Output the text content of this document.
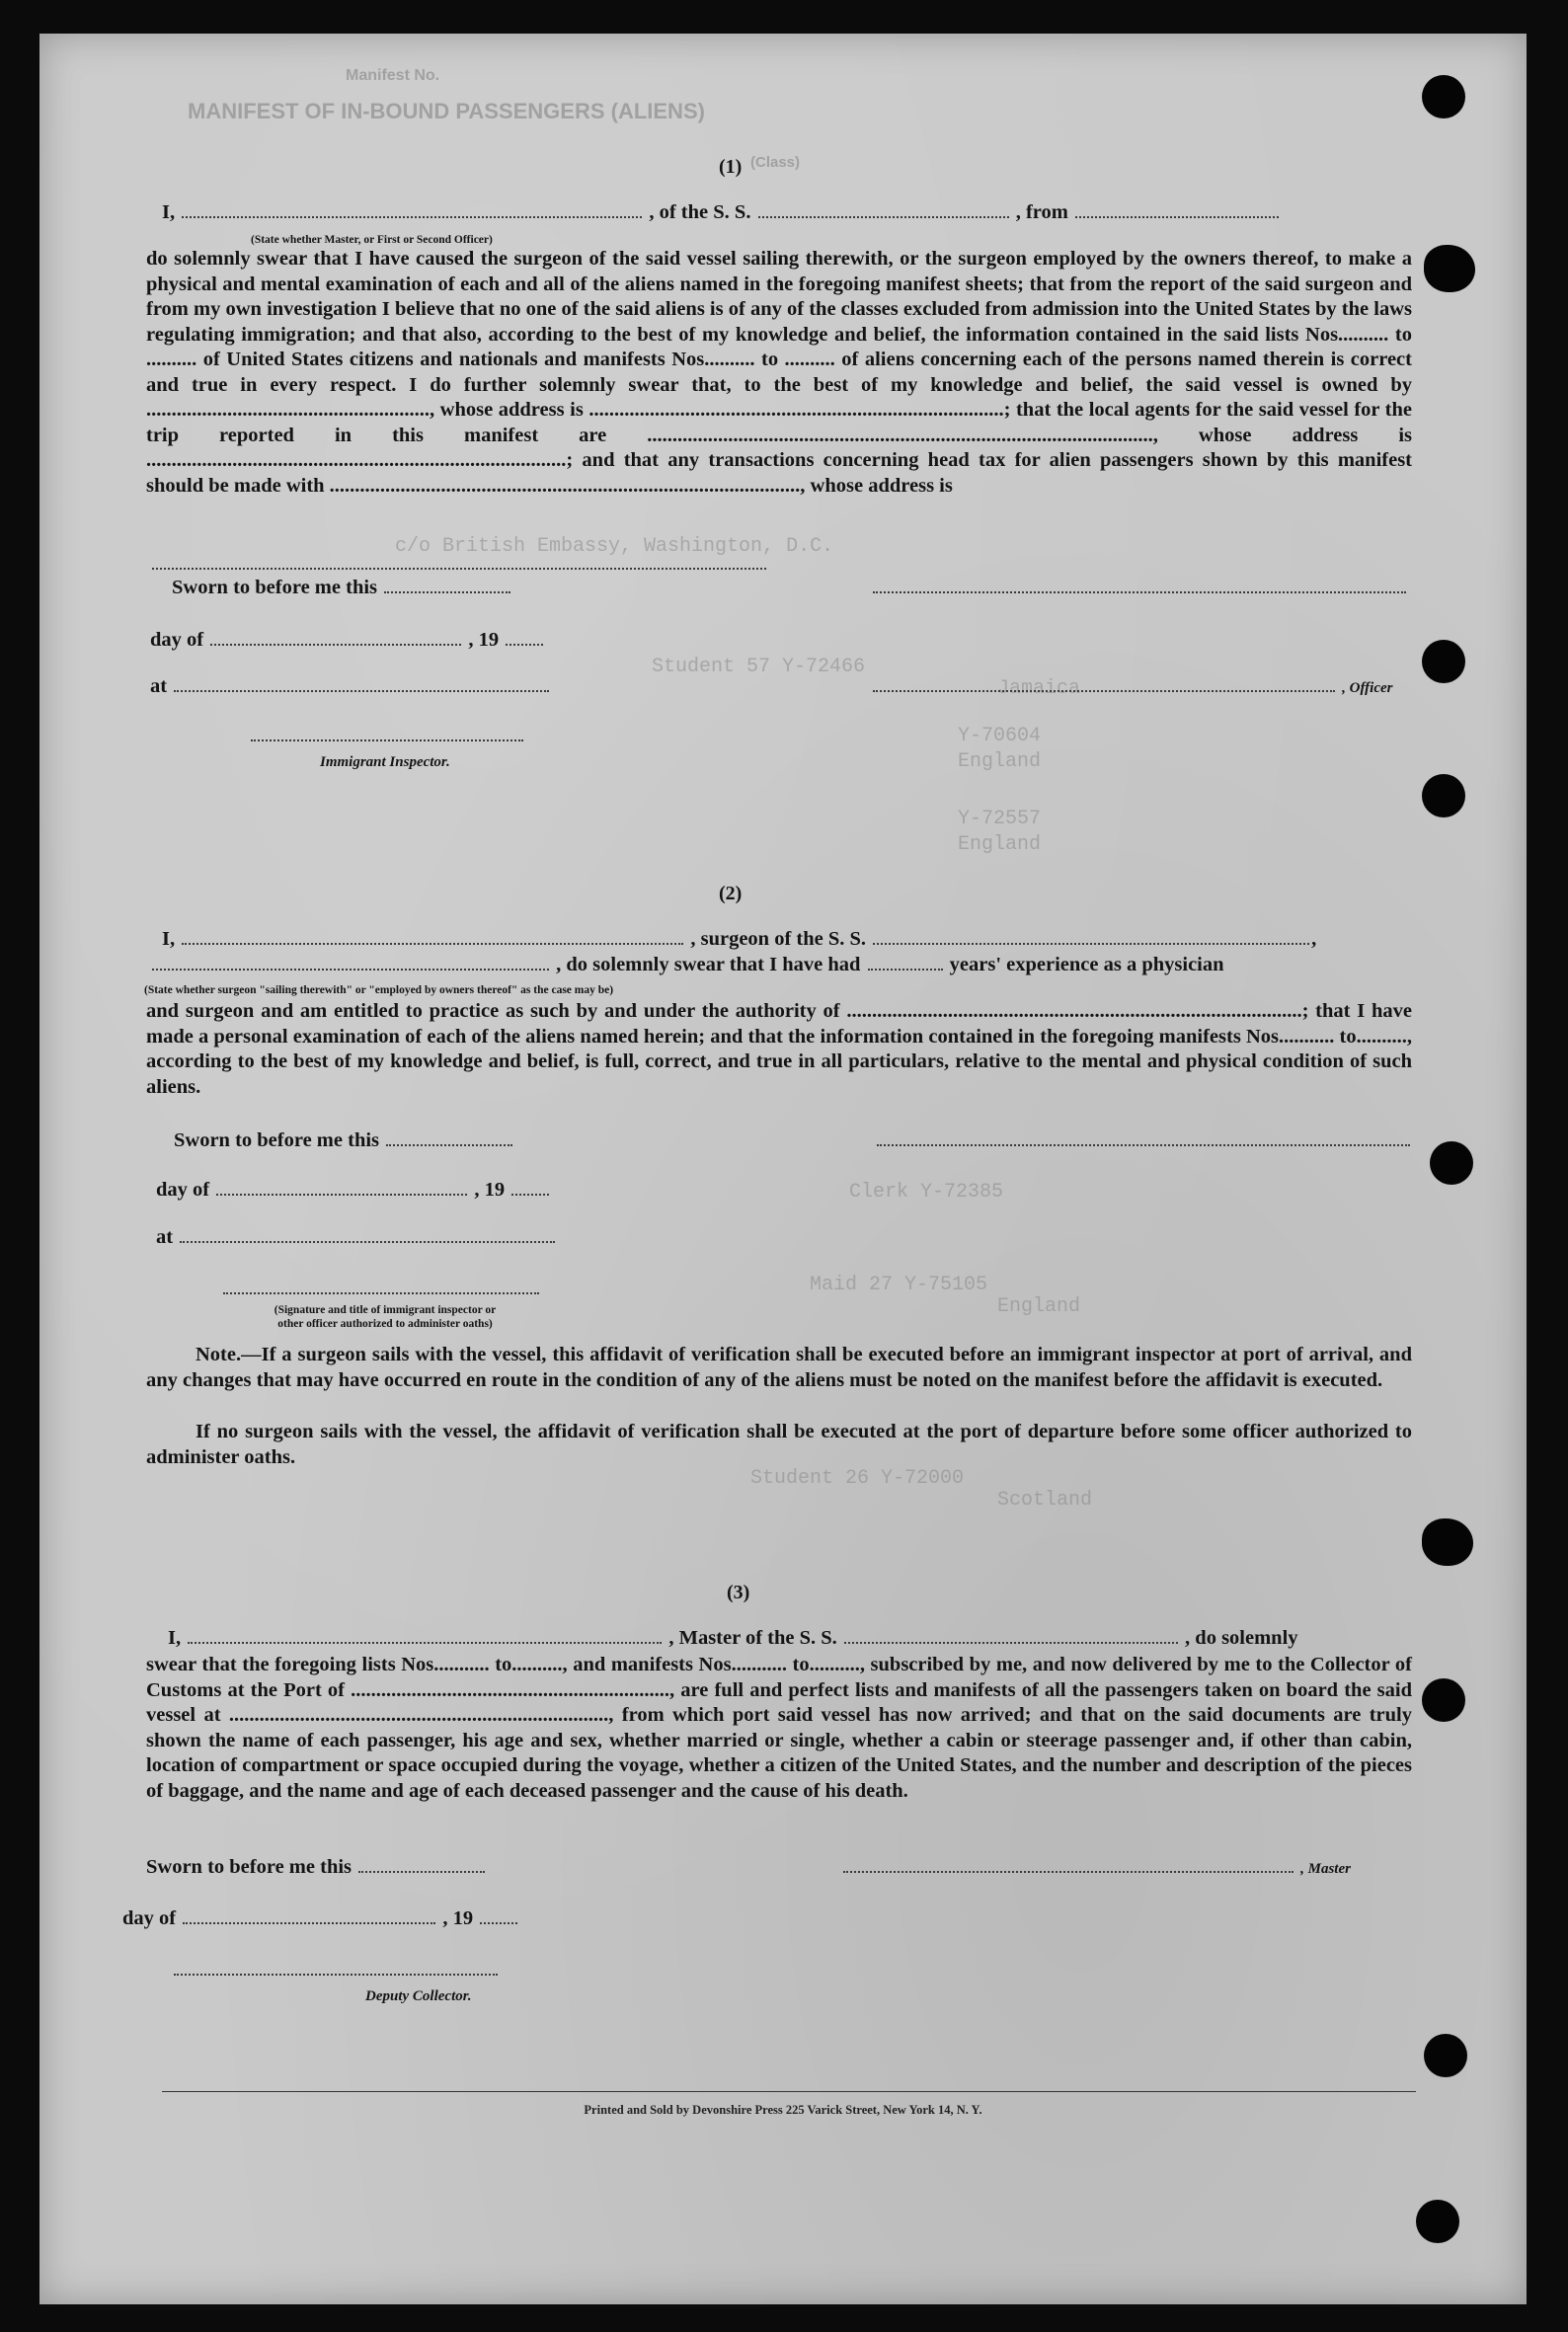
Manifest No.
MANIFEST OF IN-BOUND PASSENGERS (ALIENS)
(Class)
c/o British Embassy, Washington, D.C.
Student 57 Y-72466
Jamaica
Y-70604
England
Y-72557
England
Clerk Y-72385
Maid 27 Y-75105
England
Student 26 Y-72000
Scotland
(1)
I,	, of the S. S.	, from
(State whether Master, or First or Second Officer)
do solemnly swear that I have caused the surgeon of the said vessel sailing therewith, or the surgeon employed by the owners thereof, to make a physical and mental examination of each and all of the aliens named in the foregoing manifest sheets; that from the report of the said surgeon and from my own investigation I believe that no one of the said aliens is of any of the classes excluded from admission into the United States by the laws regulating immigration; and that also, according to the best of my knowledge and belief, the information contained in the said lists Nos.......... to .......... of United States citizens and nationals and manifests Nos.......... to .......... of aliens concerning each of the persons named therein is correct and true in every respect. I do further solemnly swear that, to the best of my knowledge and belief, the said vessel is owned by ........................................................, whose address is ..................................................................................; that the local agents for the said vessel for the trip reported in this manifest are ...................................................................................................., whose address is ...................................................................................; and that any transactions concerning head tax for alien passengers shown by this manifest should be made with ............................................................................................., whose address is
Sworn to before me this
day of	, 19
at	, Officer
Immigrant Inspector.
(2)
I,	, surgeon of the S. S.	,
, do solemnly swear that I have had	years' experience as a physician
(State whether surgeon "sailing therewith" or "employed by owners thereof" as the case may be)
and surgeon and am entitled to practice as such by and under the authority of ..........................................................................................; that I have made a personal examination of each of the aliens named herein; and that the information contained in the foregoing manifests Nos........... to.........., according to the best of my knowledge and belief, is full, correct, and true in all particulars, relative to the mental and physical condition of such aliens.
Sworn to before me this
day of	, 19
at
(Signature and title of immigrant inspector or
other officer authorized to administer oaths)
Note.—If a surgeon sails with the vessel, this affidavit of verification shall be executed before an immigrant inspector at port of arrival, and any changes that may have occurred en route in the condition of any of the aliens must be noted on the manifest before the affidavit is executed.
If no surgeon sails with the vessel, the affidavit of verification shall be executed at the port of departure before some officer authorized to administer oaths.
(3)
I,	, Master of the S. S.	, do solemnly
swear that the foregoing lists Nos........... to.........., and manifests Nos........... to.........., subscribed by me, and now delivered by me to the Collector of Customs at the Port of ..............................................................., are full and perfect lists and manifests of all the passengers taken on board the said vessel at ..........................................................................., from which port said vessel has now arrived; and that on the said documents are truly shown the name of each passenger, his age and sex, whether married or single, whether a cabin or steerage passenger and, if other than cabin, location of compartment or space occupied during the voyage, whether a citizen of the United States, and the number and description of the pieces of baggage, and the name and age of each deceased passenger and the cause of his death.
Sworn to before me this	, Master
day of	, 19
Deputy Collector.
Printed and Sold by Devonshire Press 225 Varick Street, New York 14, N. Y.
